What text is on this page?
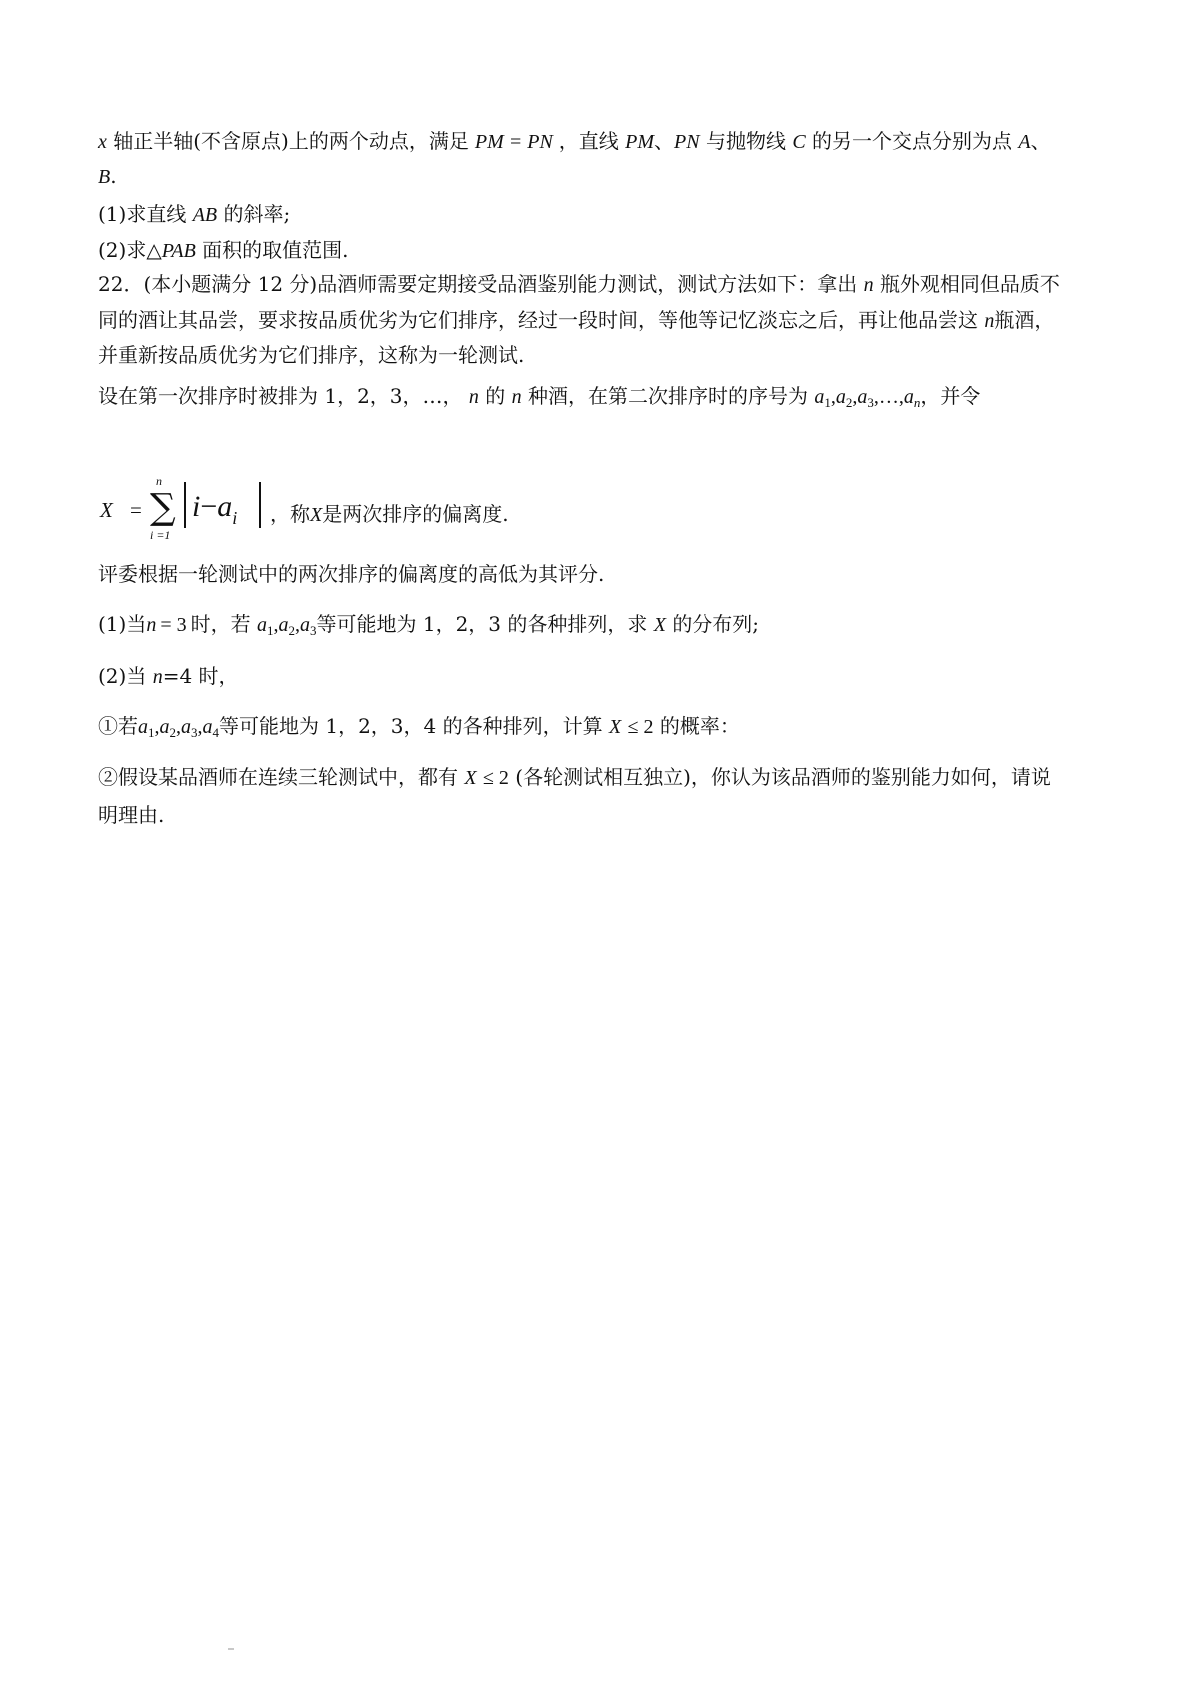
x 轴正半轴(不含原点)上的两个动点，满足 PM = PN ，直线 PM、PN 与抛物线 C 的另一个交点分别为点 A、
B.
(1)求直线 AB 的斜率;
(2)求△PAB 面积的取值范围.
22．(本小题满分 12 分)品酒师需要定期接受品酒鉴别能力测试，测试方法如下：拿出 n 瓶外观相同但品质不
同的酒让其品尝，要求按品质优劣为它们排序，经过一段时间，等他等记忆淡忘之后，再让他品尝这 n瓶酒，
并重新按品质优劣为它们排序，这称为一轮测试.
设在第一次排序时被排为 1，2，3，…， n 的 n 种酒，在第二次排序时的序号为 $a_1,a_2,a_3,\dots,a_n$，并令
X =
n
∑
i =1
$i-a_i$ ，称X是两次排序的偏离度.
评委根据一轮测试中的两次排序的偏离度的高低为其评分.
(1)当n = 3 时，若 $a_1,a_2,a_3$等可能地为 1，2，3 的各种排列，求 X 的分布列;
(2)当 n=4 时，
①若$a_1,a_2,a_3,a_4$等可能地为 1，2，3，4 的各种排列，计算 X ≤ 2 的概率：
②假设某品酒师在连续三轮测试中，都有 X ≤ 2 (各轮测试相互独立)，你认为该品酒师的鉴别能力如何，请说
明理由.
